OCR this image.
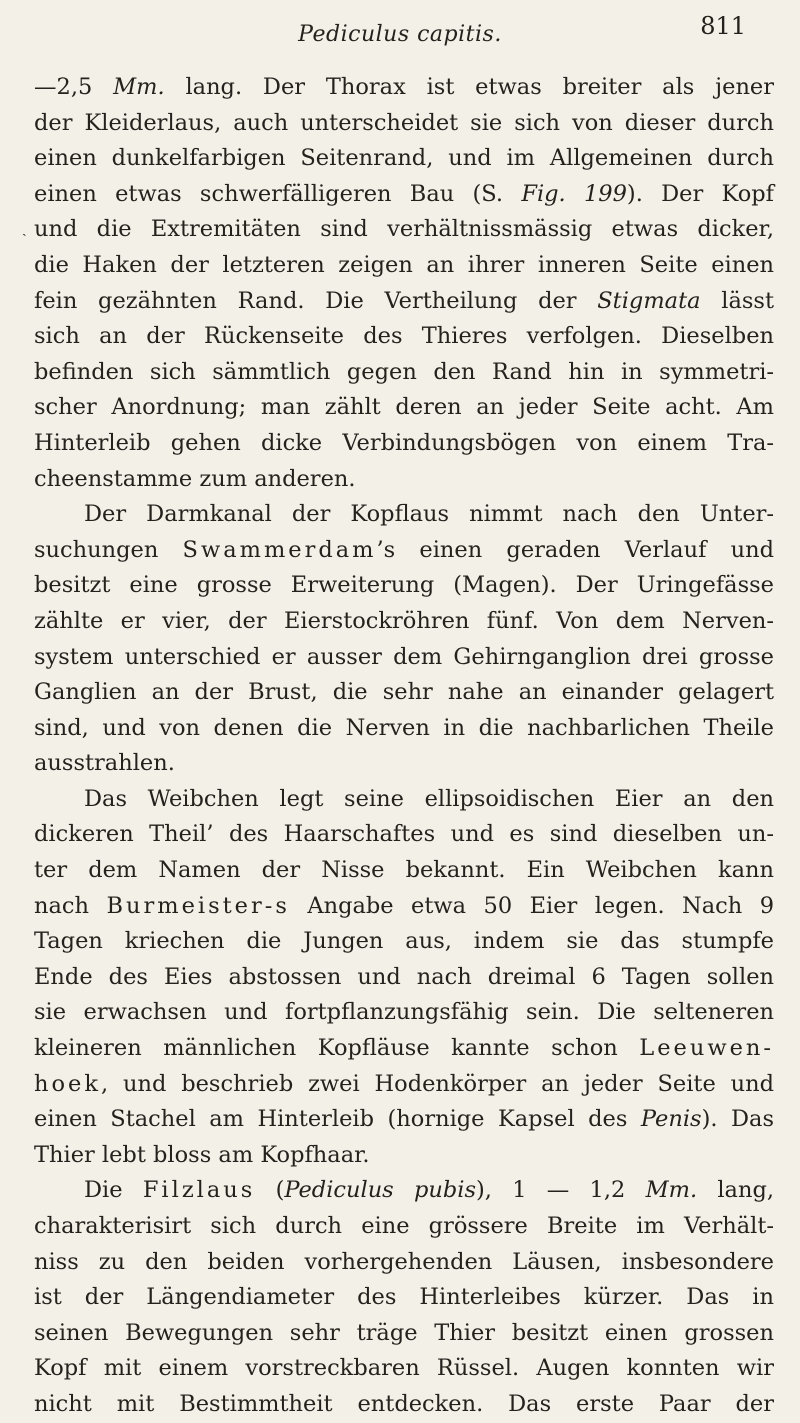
Pediculus capitis.	811
—2,5 Mm. lang. Der Thorax ist etwas breiter als jener
der Kleiderlaus, auch unterscheidet sie sich von dieser durch
einen dunkelfarbigen Seitenrand, und im Allgemeinen durch
einen etwas schwerfälligeren Bau (S. Fig. 199). Der Kopf
ˏ und die Extremitäten sind verhältnissmässig etwas dicker,
die Haken der letzteren zeigen an ihrer inneren Seite einen
fein gezähnten Rand. Die Vertheilung der Stigmata lässt
sich an der Rückenseite des Thieres verfolgen. Dieselben
befinden sich sämmtlich gegen den Rand hin in symmetri-
scher Anordnung; man zählt deren an jeder Seite acht. Am
Hinterleib gehen dicke Verbindungsbögen von einem Tra-
cheenstamme zum anderen.
Der Darmkanal der Kopflaus nimmt nach den Unter-
suchungen Swammerdam’s einen geraden Verlauf und
besitzt eine grosse Erweiterung (Magen). Der Uringefässe
zählte er vier, der Eierstockröhren fünf. Von dem Nerven-
system unterschied er ausser dem Gehirnganglion drei grosse
Ganglien an der Brust, die sehr nahe an einander gelagert
sind, und von denen die Nerven in die nachbarlichen Theile
ausstrahlen.
Das Weibchen legt seine ellipsoidischen Eier an den
dickeren Theil’ des Haarschaftes und es sind dieselben un-
ter dem Namen der Nisse bekannt. Ein Weibchen kann
nach Burmeister-s Angabe etwa 50 Eier legen. Nach 9
Tagen kriechen die Jungen aus, indem sie das stumpfe
Ende des Eies abstossen und nach dreimal 6 Tagen sollen
sie erwachsen und fortpflanzungsfähig sein. Die selteneren
kleineren männlichen Kopfläuse kannte schon Leeuwen-
hoek, und beschrieb zwei Hodenkörper an jeder Seite und
einen Stachel am Hinterleib (hornige Kapsel des Penis). Das
Thier lebt bloss am Kopfhaar.
Die Filzlaus (Pediculus pubis), 1 — 1,2 Mm. lang,
charakterisirt sich durch eine grössere Breite im Verhält-
niss zu den beiden vorhergehenden Läusen, insbesondere
ist der Längendiameter des Hinterleibes kürzer. Das in
seinen Bewegungen sehr träge Thier besitzt einen grossen
Kopf mit einem vorstreckbaren Rüssel. Augen konnten wir
nicht mit Bestimmtheit entdecken. Das erste Paar der
